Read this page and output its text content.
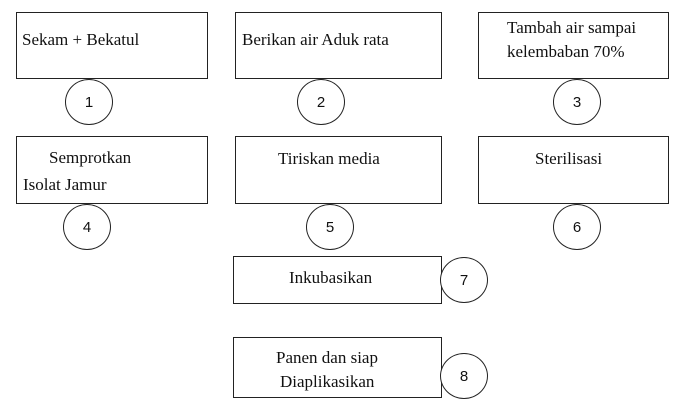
Sekam + Bekatul
1
Berikan air Aduk rata
2
Tambah air sampai
kelembaban 70%
3
Semprotkan
Isolat Jamur
4
Tiriskan media
5
Sterilisasi
6
Inkubasikan	7
Panen dan siap
Diaplikasikan	8
